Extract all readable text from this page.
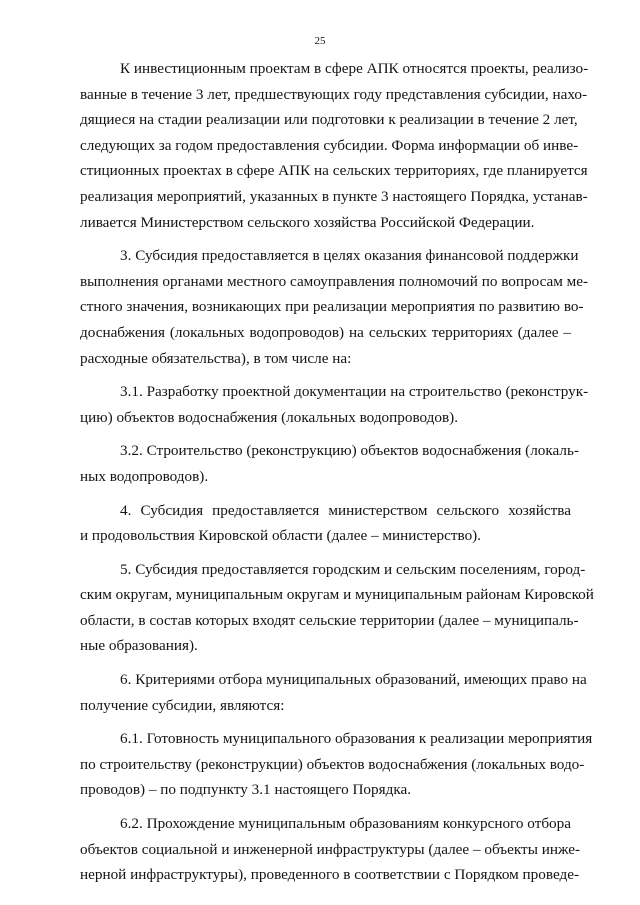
25

К инвестиционным проектам в сфере АПК относятся проекты, реализо-
ванные в течение 3 лет, предшествующих году представления субсидии, нахо-
дящиеся на стадии реализации или подготовки к реализации в течение 2 лет,
следующих за годом предоставления субсидии. Форма информации об инве-
стиционных проектах в сфере АПК на сельских территориях, где планируется
реализация мероприятий, указанных в пункте 3 настоящего Порядка, устанав-
ливается Министерством сельского хозяйства Российской Федерации.

3. Субсидия предоставляется в целях оказания финансовой поддержки
выполнения органами местного самоуправления полномочий по вопросам ме-
стного значения, возникающих при реализации мероприятия по развитию во-
доснабжения (локальных водопроводов) на сельских территориях (далее –
расходные обязательства), в том числе на:

3.1. Разработку проектной документации на строительство (реконструк-
цию) объектов водоснабжения (локальных водопроводов).

3.2. Строительство (реконструкцию) объектов водоснабжения (локаль-
ных водопроводов).

4. Субсидия предоставляется министерством сельского хозяйства
и продовольствия Кировской области (далее – министерство).

5. Субсидия предоставляется городским и сельским поселениям, город-
ским округам, муниципальным округам и муниципальным районам Кировской
области, в состав которых входят сельские территории (далее – муниципаль-
ные образования).

6. Критериями отбора муниципальных образований, имеющих право на
получение субсидии, являются:

6.1. Готовность муниципального образования к реализации мероприятия
по строительству (реконструкции) объектов водоснабжения (локальных водо-
проводов) – по подпункту 3.1 настоящего Порядка.

6.2. Прохождение муниципальным образованиям конкурсного отбора
объектов социальной и инженерной инфраструктуры (далее – объекты инже-
нерной инфраструктуры), проведенного в соответствии с Порядком проведе-
